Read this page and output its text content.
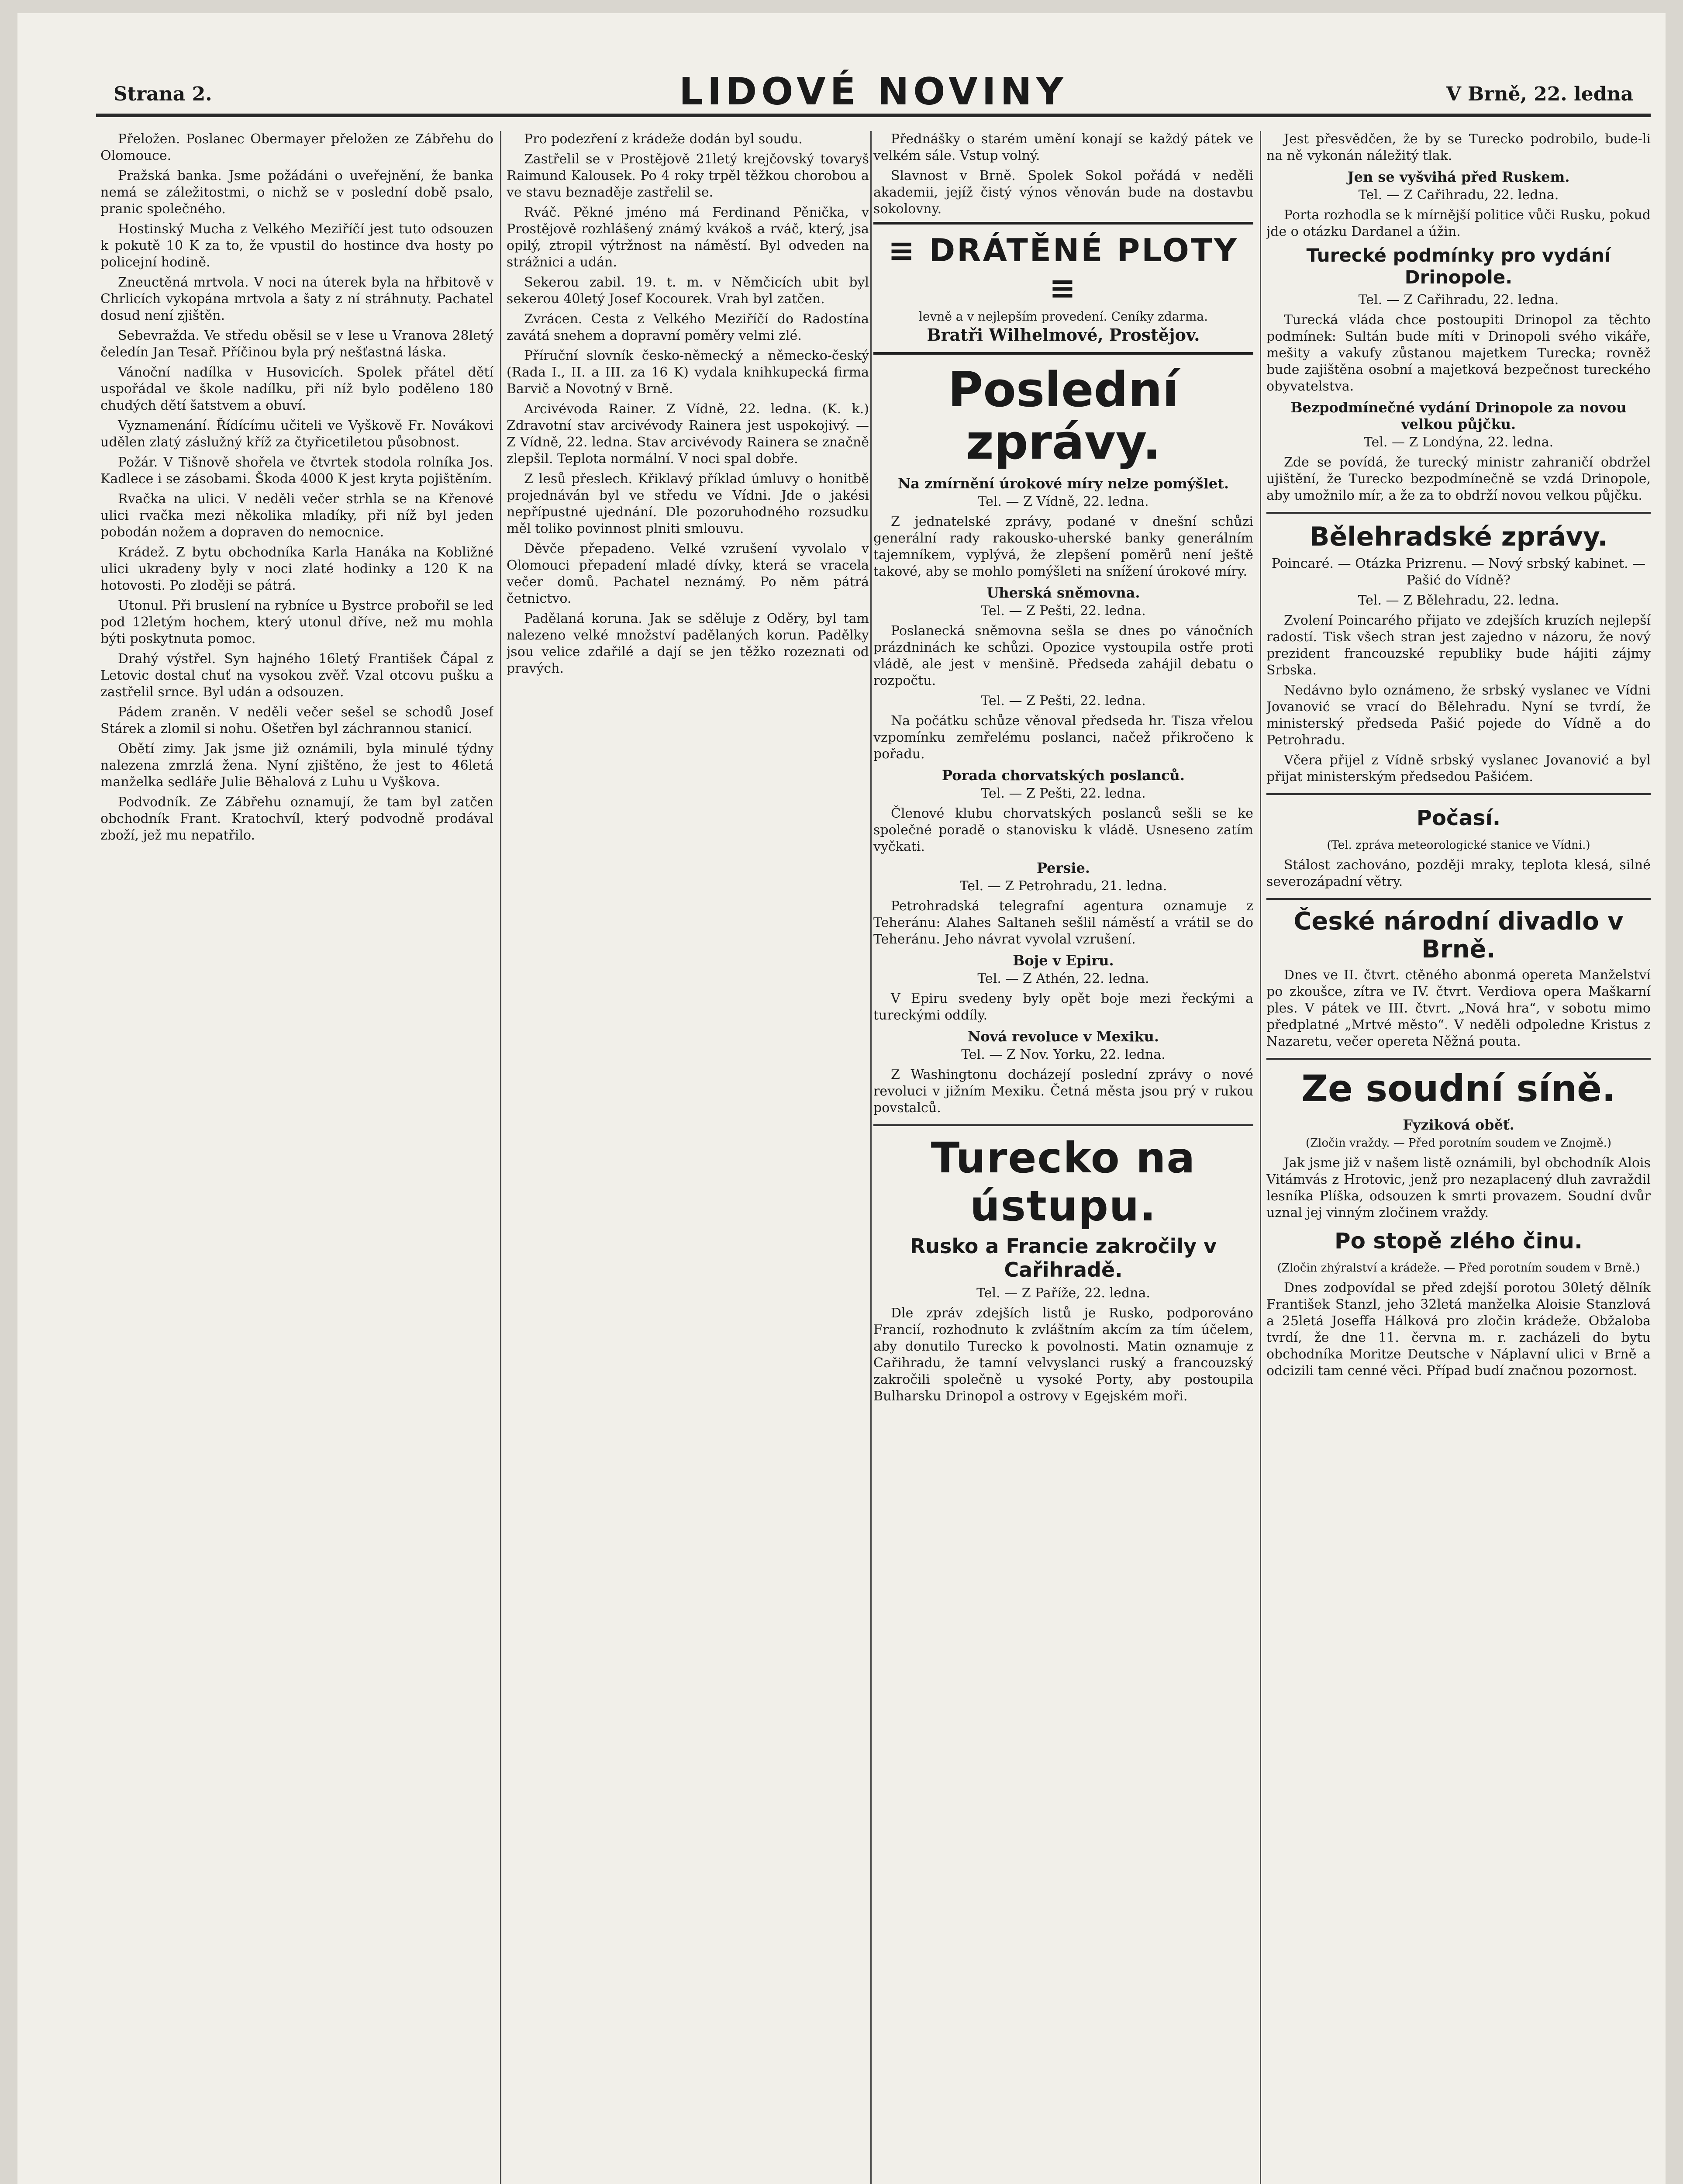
Strana 2.	LIDOVÉ NOVINY	V Brně, 22. ledna

Přeložen. Poslanec Obermayer přeložen ze Zábřehu do Olomouce.

Pražská banka. Jsme požádáni o uveřejnění, že banka nemá se záležitostmi, o nichž se v poslední době psalo, pranic společného.

Hostinský Mucha z Velkého Meziříčí jest tuto odsouzen k pokutě 10 K za to, že vpustil do hostince dva hosty po policejní hodině.

Zneuctěná mrtvola. V noci na úterek byla na hřbitově v Chrlicích vykopána mrtvola a šaty z ní stráhnuty. Pachatel dosud není zjištěn.

Sebevražda. Ve středu oběsil se v lese u Vranova 28letý čeledín Jan Tesař. Příčinou byla prý nešťastná láska.

Vánoční nadílka v Husovicích. Spolek přátel dětí uspořádal ve škole nadílku, při níž bylo poděleno 180 chudých dětí šatstvem a obuví.

Vyznamenání. Řídícímu učiteli ve Vyškově Fr. Novákovi udělen zlatý záslužný kříž za čtyřicetiletou působnost.

Požár. V Tišnově shořela ve čtvrtek stodola rolníka Jos. Kadlece i se zásobami. Škoda 4000 K jest kryta pojištěním.

Rvačka na ulici. V neděli večer strhla se na Křenové ulici rvačka mezi několika mladíky, při níž byl jeden pobodán nožem a dopraven do nemocnice.

Krádež. Z bytu obchodníka Karla Hanáka na Kobližné ulici ukradeny byly v noci zlaté hodinky a 120 K na hotovosti. Po zloději se pátrá.

Utonul. Při bruslení na rybníce u Bystrce probořil se led pod 12letým hochem, který utonul dříve, než mu mohla býti poskytnuta pomoc.

Drahý výstřel. Syn hajného 16letý František Čápal z Letovic dostal chuť na vysokou zvěř. Vzal otcovu pušku a zastřelil srnce. Byl udán a odsouzen.

Pádem zraněn. V neděli večer sešel se schodů Josef Stárek a zlomil si nohu. Ošetřen byl záchrannou stanicí.

Obětí zimy. Jak jsme již oznámili, byla minulé týdny nalezena zmrzlá žena. Nyní zjištěno, že jest to 46letá manželka sedláře Julie Běhalová z Luhu u Vyškova.

Podvodník. Ze Zábřehu oznamují, že tam byl zatčen obchodník Frant. Kratochvíl, který podvodně prodával zboží, jež mu nepatřilo.

Pro podezření z krádeže dodán byl soudu.

Zastřelil se v Prostějově 21letý krejčovský tovaryš Raimund Kalousek. Po 4 roky trpěl těžkou chorobou a ve stavu beznaděje zastřelil se.

Rváč. Pěkné jméno má Ferdinand Pěnička, v Prostějově rozhlášený známý kvákoš a rváč, který, jsa opilý, ztropil výtržnost na náměstí. Byl odveden na strážnici a udán.

Sekerou zabil. 19. t. m. v Němčicích ubit byl sekerou 40letý Josef Kocourek. Vrah byl zatčen.

Zvrácen. Cesta z Velkého Meziříčí do Radostína zavátá snehem a dopravní poměry velmi zlé.

Příruční slovník česko-německý a německo-český (Rada I., II. a III. za 16 K) vydala knihkupecká firma Barvič a Novotný v Brně.

Arcivévoda Rainer. Z Vídně, 22. ledna. (K. k.) Zdravotní stav arcivévody Rainera jest uspokojivý. — Z Vídně, 22. ledna. Stav arcivévody Rainera se značně zlepšil. Teplota normální. V noci spal dobře.

Z lesů přeslech. Křiklavý příklad úmluvy o honitbě projednáván byl ve středu ve Vídni. Jde o jakési nepřípustné ujednání. Dle pozoruhodného rozsudku měl toliko povinnost plniti smlouvu.

Děvče přepadeno. Velké vzrušení vyvolalo v Olomouci přepadení mladé dívky, která se vracela večer domů. Pachatel neznámý. Po něm pátrá četnictvo.

Padělaná koruna. Jak se sděluje z Oděry, byl tam nalezeno velké množství padělaných korun. Padělky jsou velice zdařilé a dají se jen těžko rozeznati od pravých.

Přednášky o starém umění konají se každý pátek ve velkém sále. Vstup volný.

Slavnost v Brně. Spolek Sokol pořádá v neděli akademii, jejíž čistý výnos věnován bude na dostavbu sokolovny.

≡ DRÁTĚNÉ PLOTY ≡
levně a v nejlepším provedení. Ceníky zdarma.
Bratři Wilhelmové, Prostějov.
Poslední zprávy.
Na zmírnění úrokové míry nelze pomýšlet.
Tel. — Z Vídně, 22. ledna.

Z jednatelské zprávy, podané v dnešní schůzi generální rady rakousko-uherské banky generálním tajemníkem, vyplývá, že zlepšení poměrů není ještě takové, aby se mohlo pomýšleti na snížení úrokové míry.

Uherská sněmovna.
Tel. — Z Pešti, 22. ledna.

Poslanecká sněmovna sešla se dnes po vánočních prázdninách ke schůzi. Opozice vystoupila ostře proti vládě, ale jest v menšině. Předseda zahájil debatu o rozpočtu.

Tel. — Z Pešti, 22. ledna.

Na počátku schůze věnoval předseda hr. Tisza vřelou vzpomínku zemřelému poslanci, načež přikročeno k pořadu.

Porada chorvatských poslanců.
Tel. — Z Pešti, 22. ledna.

Členové klubu chorvatských poslanců sešli se ke společné poradě o stanovisku k vládě. Usneseno zatím vyčkati.

Persie.
Tel. — Z Petrohradu, 21. ledna.

Petrohradská telegrafní agentura oznamuje z Teheránu: Alahes Saltaneh sešlil náměstí a vrátil se do Teheránu. Jeho návrat vyvolal vzrušení.

Boje v Epiru.
Tel. — Z Athén, 22. ledna.

V Epiru svedeny byly opět boje mezi řeckými a tureckými oddíly.

Nová revoluce v Mexiku.
Tel. — Z Nov. Yorku, 22. ledna.

Z Washingtonu docházejí poslední zprávy o nové revoluci v jižním Mexiku. Četná města jsou prý v rukou povstalců.

Turecko na ústupu.
Rusko a Francie zakročily v Cařihradě.
Tel. — Z Paříže, 22. ledna.

Dle zpráv zdejších listů je Rusko, podporováno Francií, rozhodnuto k zvláštním akcím za tím účelem, aby donutilo Turecko k povolnosti. Matin oznamuje z Cařihradu, že tamní velvyslanci ruský a francouzský zakročili společně u vysoké Porty, aby postoupila Bulharsku Drinopol a ostrovy v Egejském moři.

Jest přesvědčen, že by se Turecko podrobilo, bude-li na ně vykonán náležitý tlak.

Jen se vyšvihá před Ruskem.
Tel. — Z Cařihradu, 22. ledna.

Porta rozhodla se k mírnější politice vůči Rusku, pokud jde o otázku Dardanel a úžin.

Turecké podmínky pro vydání Drinopole.
Tel. — Z Cařihradu, 22. ledna.

Turecká vláda chce postoupiti Drinopol za těchto podmínek: Sultán bude míti v Drinopoli svého vikáře, mešity a vakufy zůstanou majetkem Turecka; rovněž bude zajištěna osobní a majetková bezpečnost tureckého obyvatelstva.

Bezpodmínečné vydání Drinopole za novou velkou půjčku.
Tel. — Z Londýna, 22. ledna.

Zde se povídá, že turecký ministr zahraničí obdržel ujištění, že Turecko bezpodmínečně se vzdá Drinopole, aby umožnilo mír, a že za to obdrží novou velkou půjčku.

Bělehradské zprávy.

Poincaré. — Otázka Prizrenu. — Nový srbský kabinet. — Pašić do Vídně?

Tel. — Z Bělehradu, 22. ledna.

Zvolení Poincarého přijato ve zdejších kruzích nejlepší radostí. Tisk všech stran jest zajedno v názoru, že nový prezident francouzské republiky bude hájiti zájmy Srbska.

Nedávno bylo oznámeno, že srbský vyslanec ve Vídni Jovanović se vrací do Bělehradu. Nyní se tvrdí, že ministerský předseda Pašić pojede do Vídně a do Petrohradu.

Včera přijel z Vídně srbský vyslanec Jovanović a byl přijat ministerským předsedou Pašićem.

Počasí.

(Tel. zpráva meteorologické stanice ve Vídni.)

Stálost zachováno, později mraky, teplota klesá, silné severozápadní větry.

České národní divadlo v Brně.

Dnes ve II. čtvrt. ctěného abonmá opereta Manželství po zkoušce, zítra ve IV. čtvrt. Verdiova opera Maškarní ples. V pátek ve III. čtvrt. „Nová hra“, v sobotu mimo předplatné „Mrtvé město“. V neděli odpoledne Kristus z Nazaretu, večer opereta Něžná pouta.

Ze soudní síně.
Fyziková oběť.

(Zločin vraždy. — Před porotním soudem ve Znojmě.)

Jak jsme již v našem listě oznámili, byl obchodník Alois Vitámvás z Hrotovic, jenž pro nezaplacený dluh zavraždil lesníka Plíška, odsouzen k smrti provazem. Soudní dvůr uznal jej vinným zločinem vraždy.

Po stopě zlého činu.

(Zločin zhýralství a krádeže. — Před porotním soudem v Brně.)

Dnes zodpovídal se před zdejší porotou 30letý dělník František Stanzl, jeho 32letá manželka Aloisie Stanzlová a 25letá Joseffa Hálková pro zločin krádeže. Obžaloba tvrdí, že dne 11. června m. r. zacházeli do bytu obchodníka Moritze Deutsche v Náplavní ulici v Brně a odcizili tam cenné věci. Případ budí značnou pozornost.
